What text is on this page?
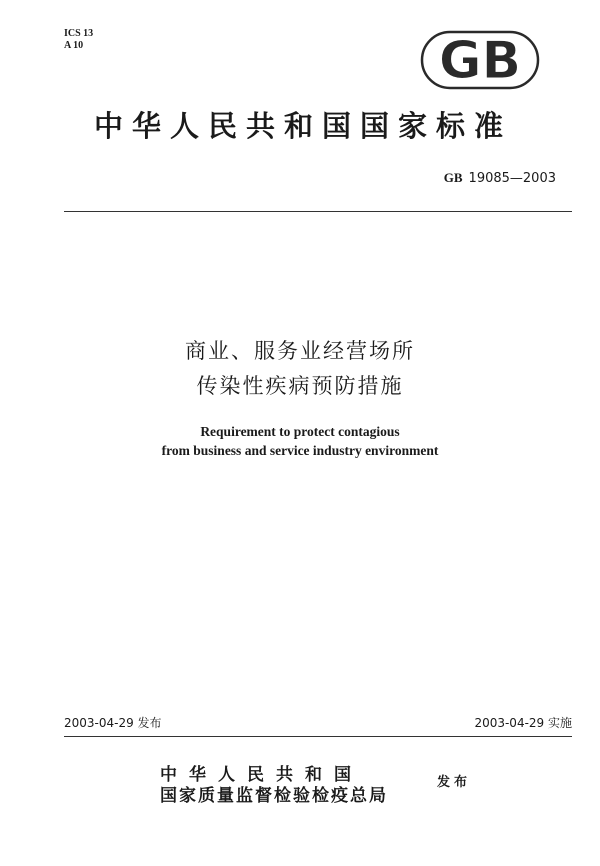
ICS 13
A 10	GB
中华人民共和国国家标准
GB 19085—2003
商业、服务业经营场所
传染性疾病预防措施
Requirement to protect contagious
from business and service industry environment
2003-04-29 发布	2003-04-29 实施
中华人民共和国
国家质量监督检验检疫总局
发布
